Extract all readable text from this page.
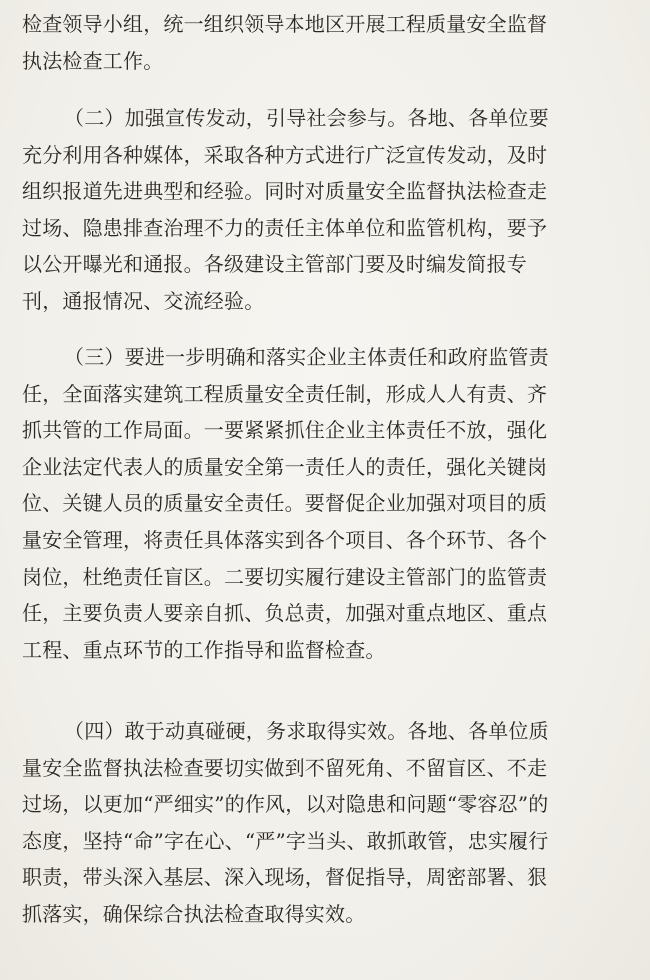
检查领导小组，统一组织领导本地区开展工程质量安全监督
执法检查工作。
（二）加强宣传发动，引导社会参与。各地、各单位要
充分利用各种媒体，采取各种方式进行广泛宣传发动，及时
组织报道先进典型和经验。同时对质量安全监督执法检查走
过场、隐患排查治理不力的责任主体单位和监管机构，要予
以公开曝光和通报。各级建设主管部门要及时编发简报专
刊，通报情况、交流经验。
（三）要进一步明确和落实企业主体责任和政府监管责
任，全面落实建筑工程质量安全责任制，形成人人有责、齐
抓共管的工作局面。一要紧紧抓住企业主体责任不放，强化
企业法定代表人的质量安全第一责任人的责任，强化关键岗
位、关键人员的质量安全责任。要督促企业加强对项目的质
量安全管理，将责任具体落实到各个项目、各个环节、各个
岗位，杜绝责任盲区。二要切实履行建设主管部门的监管责
任，主要负责人要亲自抓、负总责，加强对重点地区、重点
工程、重点环节的工作指导和监督检查。
（四）敢于动真碰硬，务求取得实效。各地、各单位质
量安全监督执法检查要切实做到不留死角、不留盲区、不走
过场，以更加“严细实”的作风，以对隐患和问题“零容忍”的
态度，坚持“命”字在心、“严”字当头、敢抓敢管，忠实履行
职责，带头深入基层、深入现场，督促指导，周密部署、狠
抓落实，确保综合执法检查取得实效。
